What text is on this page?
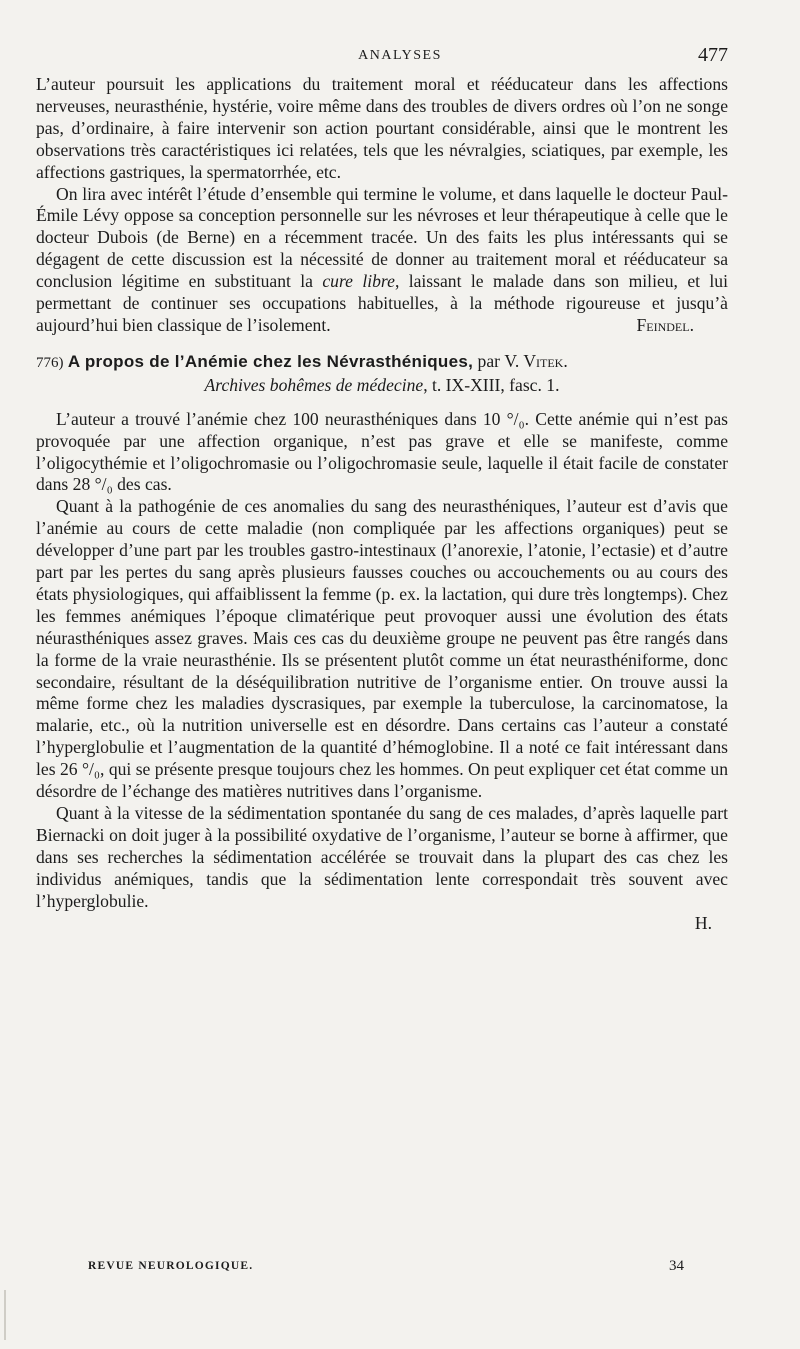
ANALYSES	477

L’auteur poursuit les applications du traitement moral et rééducateur dans les affections nerveuses, neurasthénie, hystérie, voire même dans des troubles de divers ordres où l’on ne songe pas, d’ordinaire, à faire intervenir son action pourtant considérable, ainsi que le montrent les observations très caractéristiques ici relatées, tels que les névralgies, sciatiques, par exemple, les affections gastriques, la spermatorrhée, etc.

On lira avec intérêt l’étude d’ensemble qui termine le volume, et dans laquelle le docteur Paul-Émile Lévy oppose sa conception personnelle sur les névroses et leur thérapeutique à celle que le docteur Dubois (de Berne) en a récemment tracée. Un des faits les plus intéressants qui se dégagent de cette discussion est la nécessité de donner au traitement moral et rééducateur sa conclusion légitime en substituant la cure libre, laissant le malade dans son milieu, et lui permettant de continuer ses occupations habituelles, à la méthode rigoureuse et jusqu’à aujourd’hui bien classique de l’isolement.	Feindel.

776) A propos de l’Anémie chez les Névrasthéniques, par V. Vitek.
Archives bohêmes de médecine, t. IX-XIII, fasc. 1.

L’auteur a trouvé l’anémie chez 100 neurasthéniques dans 10 °/₀. Cette anémie qui n’est pas provoquée par une affection organique, n’est pas grave et elle se manifeste, comme l’oligocythémie et l’oligochromasie ou l’oligochromasie seule, laquelle il était facile de constater dans 28 °/₀ des cas.

Quant à la pathogénie de ces anomalies du sang des neurasthéniques, l’auteur est d’avis que l’anémie au cours de cette maladie (non compliquée par les affections organiques) peut se développer d’une part par les troubles gastro-intestinaux (l’anorexie, l’atonie, l’ectasie) et d’autre part par les pertes du sang après plusieurs fausses couches ou accouchements ou au cours des états physiologiques, qui affaiblissent la femme (p. ex. la lactation, qui dure très longtemps). Chez les femmes anémiques l’époque climatérique peut provoquer aussi une évolution des états néurasthéniques assez graves. Mais ces cas du deuxième groupe ne peuvent pas être rangés dans la forme de la vraie neurasthénie. Ils se présentent plutôt comme un état neurasthéniforme, donc secondaire, résultant de la déséquilibration nutritive de l’organisme entier. On trouve aussi la même forme chez les maladies dyscrasiques, par exemple la tuberculose, la carcinomatose, la malarie, etc., où la nutrition universelle est en désordre. Dans certains cas l’auteur a constaté l’hyperglobulie et l’augmentation de la quantité d’hémoglobine. Il a noté ce fait intéressant dans les 26 °/₀, qui se présente presque toujours chez les hommes. On peut expliquer cet état comme un désordre de l’échange des matières nutritives dans l’organisme.

Quant à la vitesse de la sédimentation spontanée du sang de ces malades, d’après laquelle part Biernacki on doit juger à la possibilité oxydative de l’organisme, l’auteur se borne à affirmer, que dans ses recherches la sédimentation accélérée se trouvait dans la plupart des cas chez les individus anémiques, tandis que la sédimentation lente correspondait très souvent avec l’hyperglobulie.

H.

REVUE NEUROLOGIQUE.	34
